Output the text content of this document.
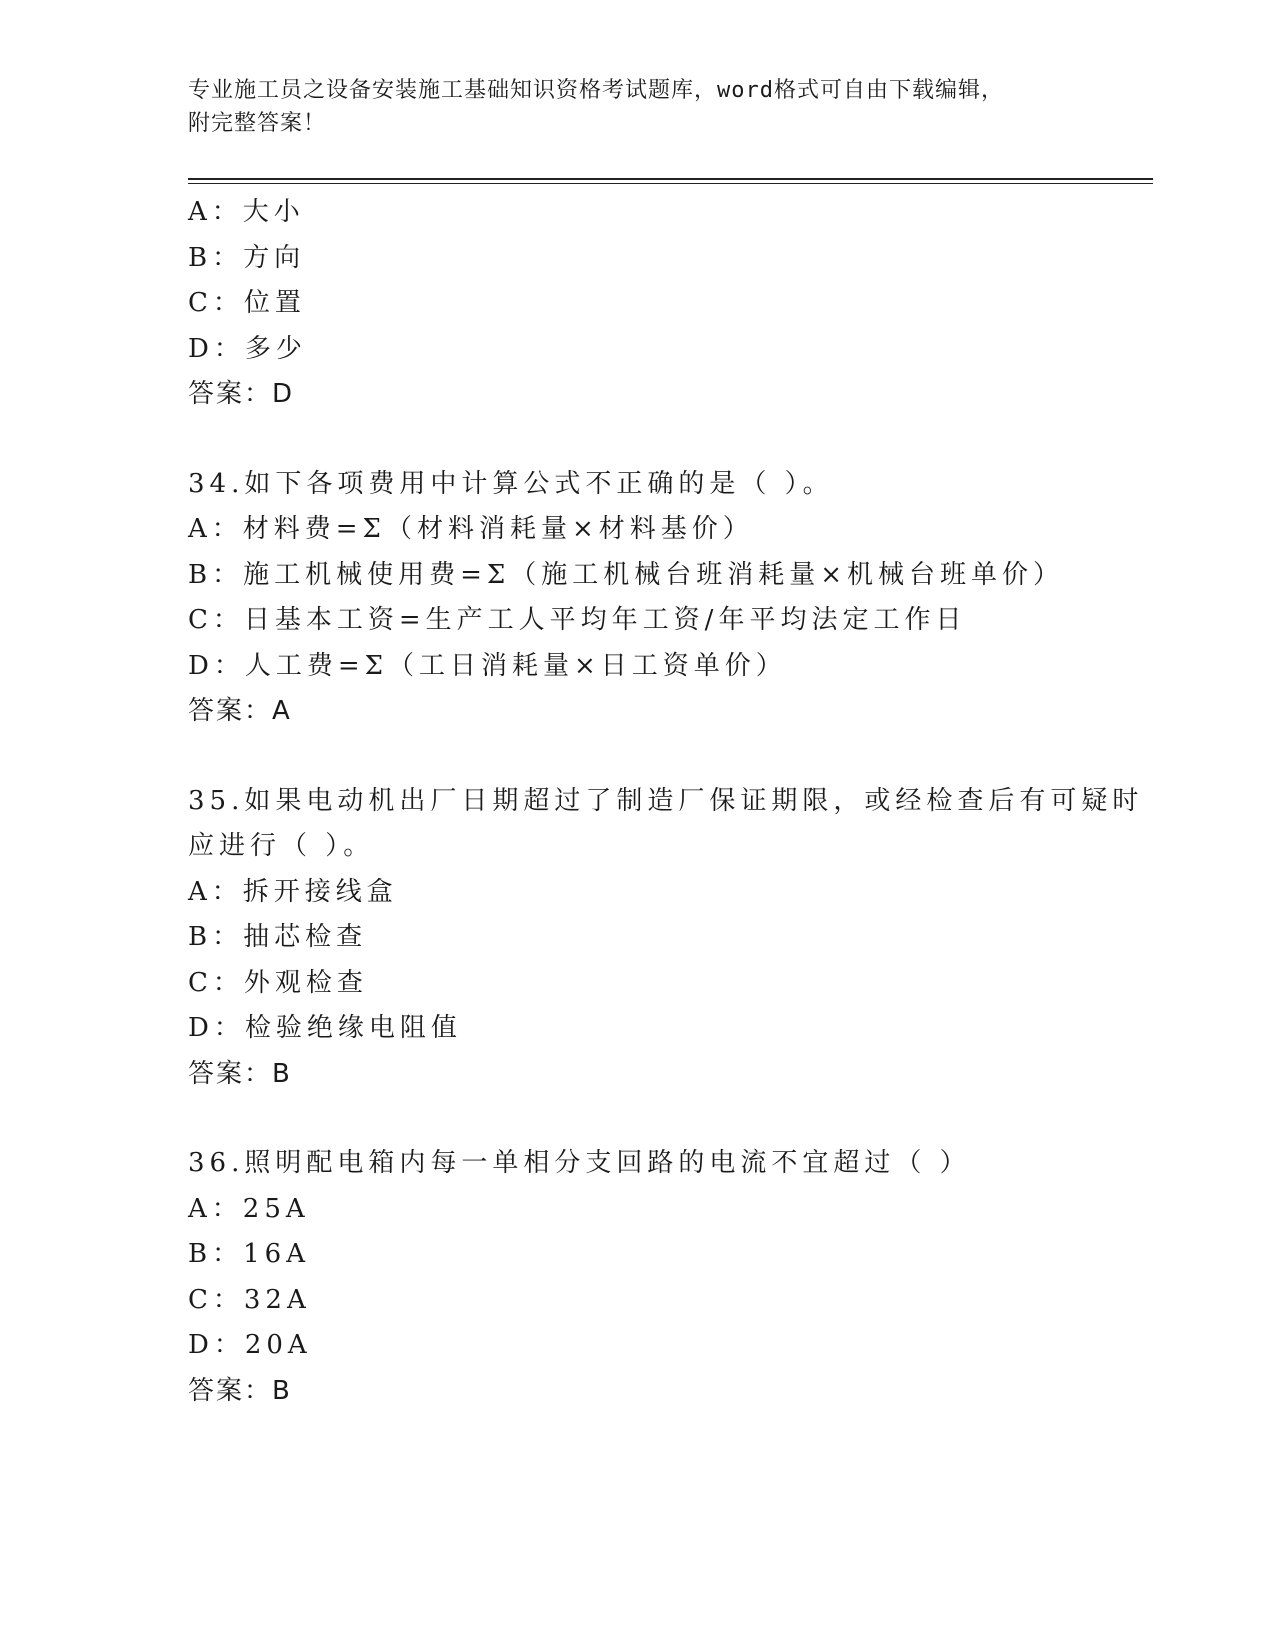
专业施工员之设备安装施工基础知识资格考试题库，word格式可自由下载编辑，
附完整答案！
A：大小
B：方向
C：位置
D：多少
答案：D
34.如下各项费用中计算公式不正确的是（ ）。
A：材料费=Σ（材料消耗量×材料基价）
B：施工机械使用费=Σ（施工机械台班消耗量×机械台班单价）
C：日基本工资=生产工人平均年工资/年平均法定工作日
D：人工费=Σ（工日消耗量×日工资单价）
答案：A
35.如果电动机出厂日期超过了制造厂保证期限，或经检查后有可疑时
应进行（ ）。
A：拆开接线盒
B：抽芯检查
C：外观检查
D：检验绝缘电阻值
答案：B
36.照明配电箱内每一单相分支回路的电流不宜超过（ ）
A：25A
B：16A
C：32A
D：20A
答案：B
